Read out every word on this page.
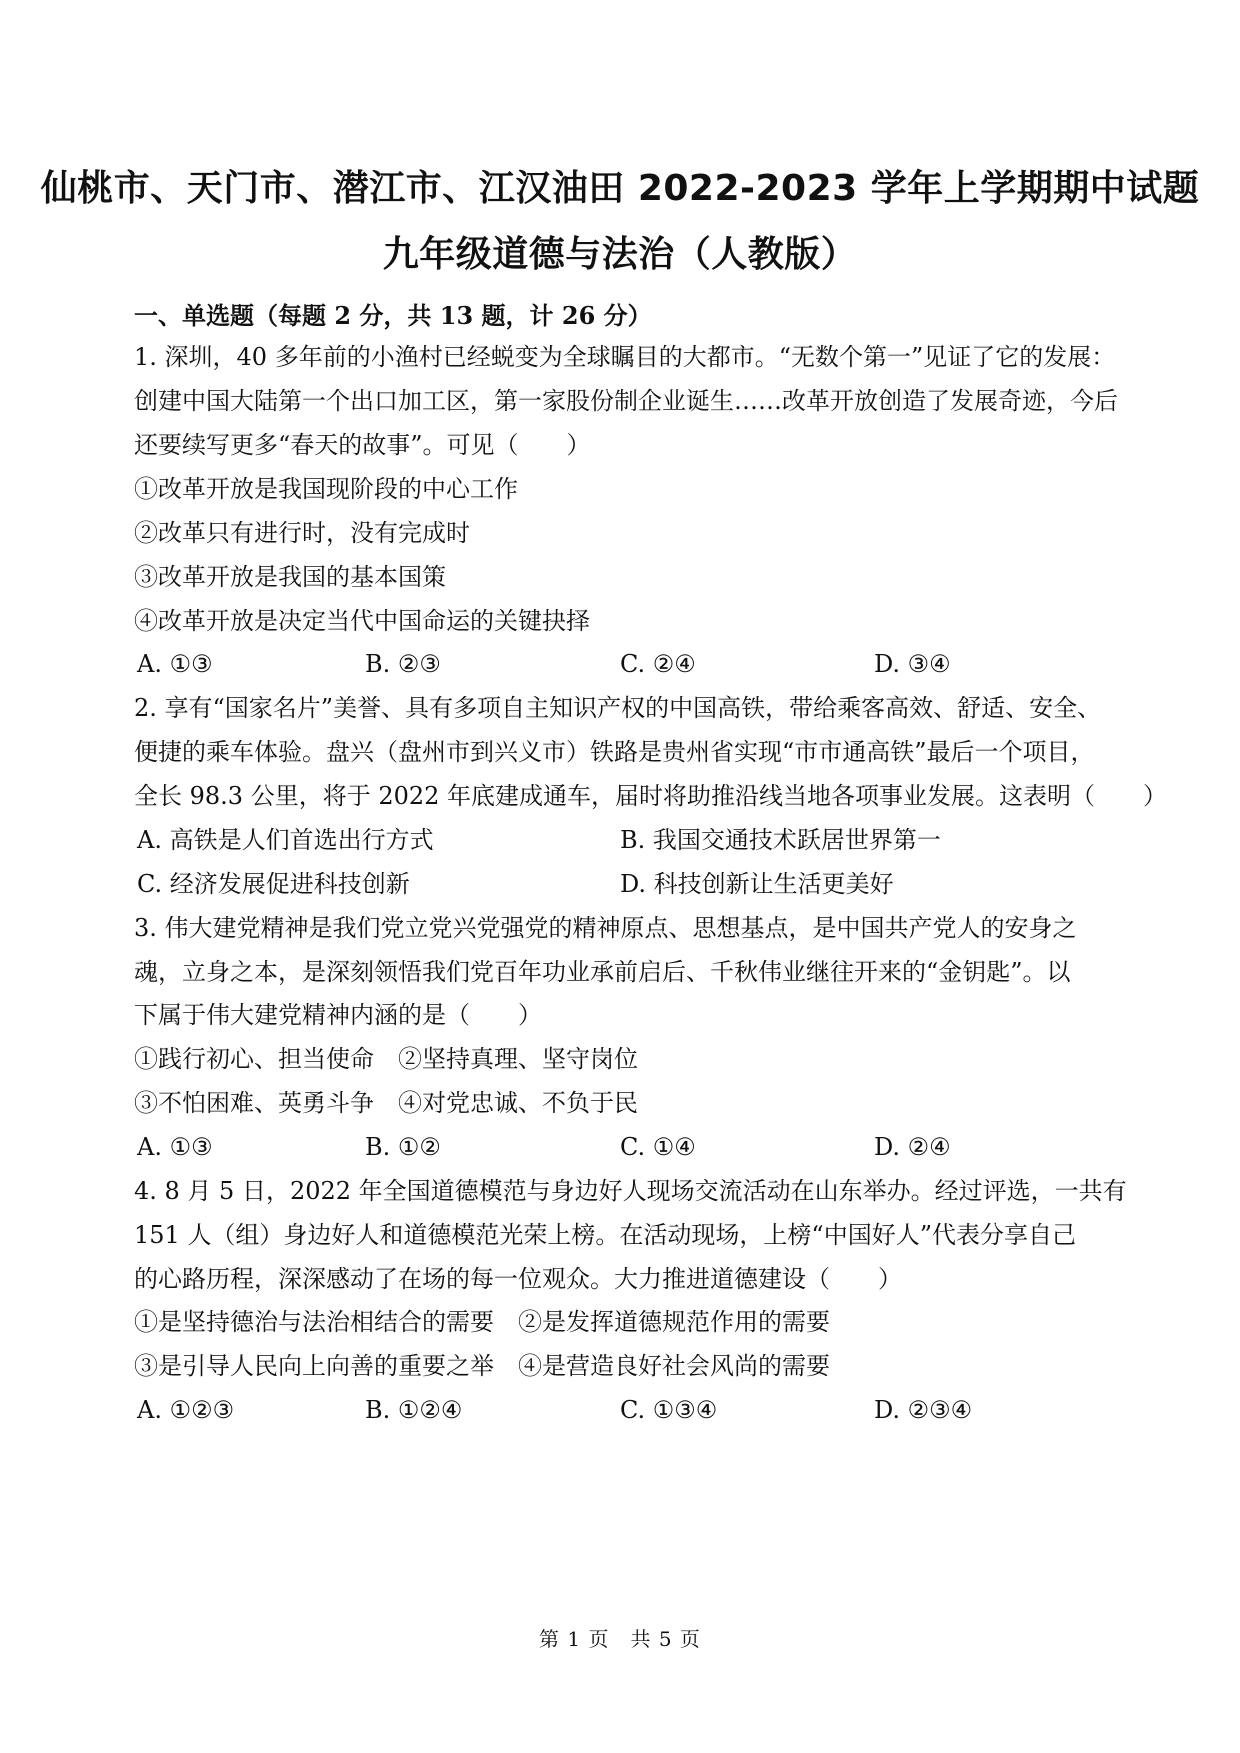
仙桃市、天门市、潜江市、江汉油田 2022-2023 学年上学期期中试题
九年级道德与法治（人教版）
一、单选题（每题 2 分，共 13 题，计 26 分）
1. 深圳，40 多年前的小渔村已经蜕变为全球瞩目的大都市。“无数个第一”见证了它的发展：
创建中国大陆第一个出口加工区，第一家股份制企业诞生……改革开放创造了发展奇迹，今后
还要续写更多“春天的故事”。可见（　　）
①改革开放是我国现阶段的中心工作
②改革只有进行时，没有完成时
③改革开放是我国的基本国策
④改革开放是决定当代中国命运的关键抉择
A. ①③	B. ②③	C. ②④	D. ③④
2. 享有“国家名片”美誉、具有多项自主知识产权的中国高铁，带给乘客高效、舒适、安全、
便捷的乘车体验。盘兴（盘州市到兴义市）铁路是贵州省实现“市市通高铁”最后一个项目，
全长 98.3 公里，将于 2022 年底建成通车，届时将助推沿线当地各项事业发展。这表明（　　）
A. 高铁是人们首选出行方式	B. 我国交通技术跃居世界第一
C. 经济发展促进科技创新	D. 科技创新让生活更美好
3. 伟大建党精神是我们党立党兴党强党的精神原点、思想基点，是中国共产党人的安身之
魂，立身之本，是深刻领悟我们党百年功业承前启后、千秋伟业继往开来的“金钥匙”。以
下属于伟大建党精神内涵的是（　　）
①践行初心、担当使命　②坚持真理、坚守岗位
③不怕困难、英勇斗争　④对党忠诚、不负于民
A. ①③	B. ①②	C. ①④	D. ②④
4. 8 月 5 日，2022 年全国道德模范与身边好人现场交流活动在山东举办。经过评选，一共有
151 人（组）身边好人和道德模范光荣上榜。在活动现场，上榜“中国好人”代表分享自己
的心路历程，深深感动了在场的每一位观众。大力推进道德建设（　　）
①是坚持德治与法治相结合的需要　②是发挥道德规范作用的需要
③是引导人民向上向善的重要之举　④是营造良好社会风尚的需要
A. ①②③	B. ①②④	C. ①③④	D. ②③④
第 1 页　共 5 页
